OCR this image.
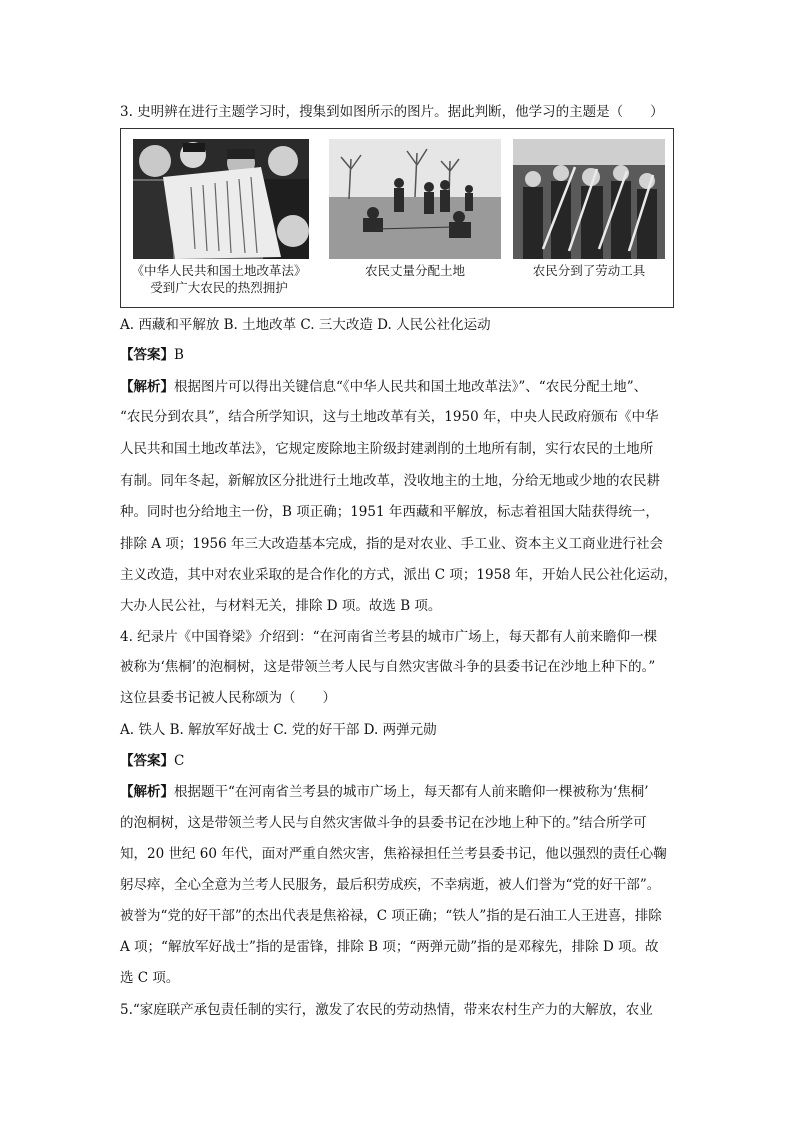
3. 史明辨在进行主题学习时，搜集到如图所示的图片。据此判断，他学习的主题是（　　）
《中华人民共和国土地改革法》
受到广大农民的热烈拥护
农民丈量分配土地	农民分到了劳动工具
A. 西藏和平解放 B. 土地改革 C. 三大改造 D. 人民公社化运动
【答案】B
【解析】根据图片可以得出关键信息“《中华人民共和国土地改革法》”、“农民分配土地”、
“农民分到农具”，结合所学知识，这与土地改革有关，1950 年，中央人民政府颁布《中华
人民共和国土地改革法》，它规定废除地主阶级封建剥削的土地所有制，实行农民的土地所
有制。同年冬起，新解放区分批进行土地改革，没收地主的土地，分给无地或少地的农民耕
种。同时也分给地主一份，B 项正确；1951 年西藏和平解放，标志着祖国大陆获得统一，
排除 A 项；1956 年三大改造基本完成，指的是对农业、手工业、资本主义工商业进行社会
主义改造，其中对农业采取的是合作化的方式，派出 C 项；1958 年，开始人民公社化运动，
大办人民公社，与材料无关，排除 D 项。故选 B 项。
4. 纪录片《中国脊梁》介绍到：“在河南省兰考县的城市广场上，每天都有人前来瞻仰一棵
被称为‘焦桐’的泡桐树，这是带领兰考人民与自然灾害做斗争的县委书记在沙地上种下的。”
这位县委书记被人民称颂为（　　）
A. 铁人 B. 解放军好战士 C. 党的好干部 D. 两弹元勋
【答案】C
【解析】根据题干“在河南省兰考县的城市广场上，每天都有人前来瞻仰一棵被称为‘焦桐’
的泡桐树，这是带领兰考人民与自然灾害做斗争的县委书记在沙地上种下的。”结合所学可
知，20 世纪 60 年代，面对严重自然灾害，焦裕禄担任兰考县委书记，他以强烈的责任心鞠
躬尽瘁，全心全意为兰考人民服务，最后积劳成疾，不幸病逝，被人们誉为“党的好干部”。
被誉为“党的好干部”的杰出代表是焦裕禄，C 项正确；“铁人”指的是石油工人王进喜，排除
A 项；“解放军好战士”指的是雷锋，排除 B 项；“两弹元勋”指的是邓稼先，排除 D 项。故
选 C 项。
5.“家庭联产承包责任制的实行，激发了农民的劳动热情，带来农村生产力的大解放，农业
